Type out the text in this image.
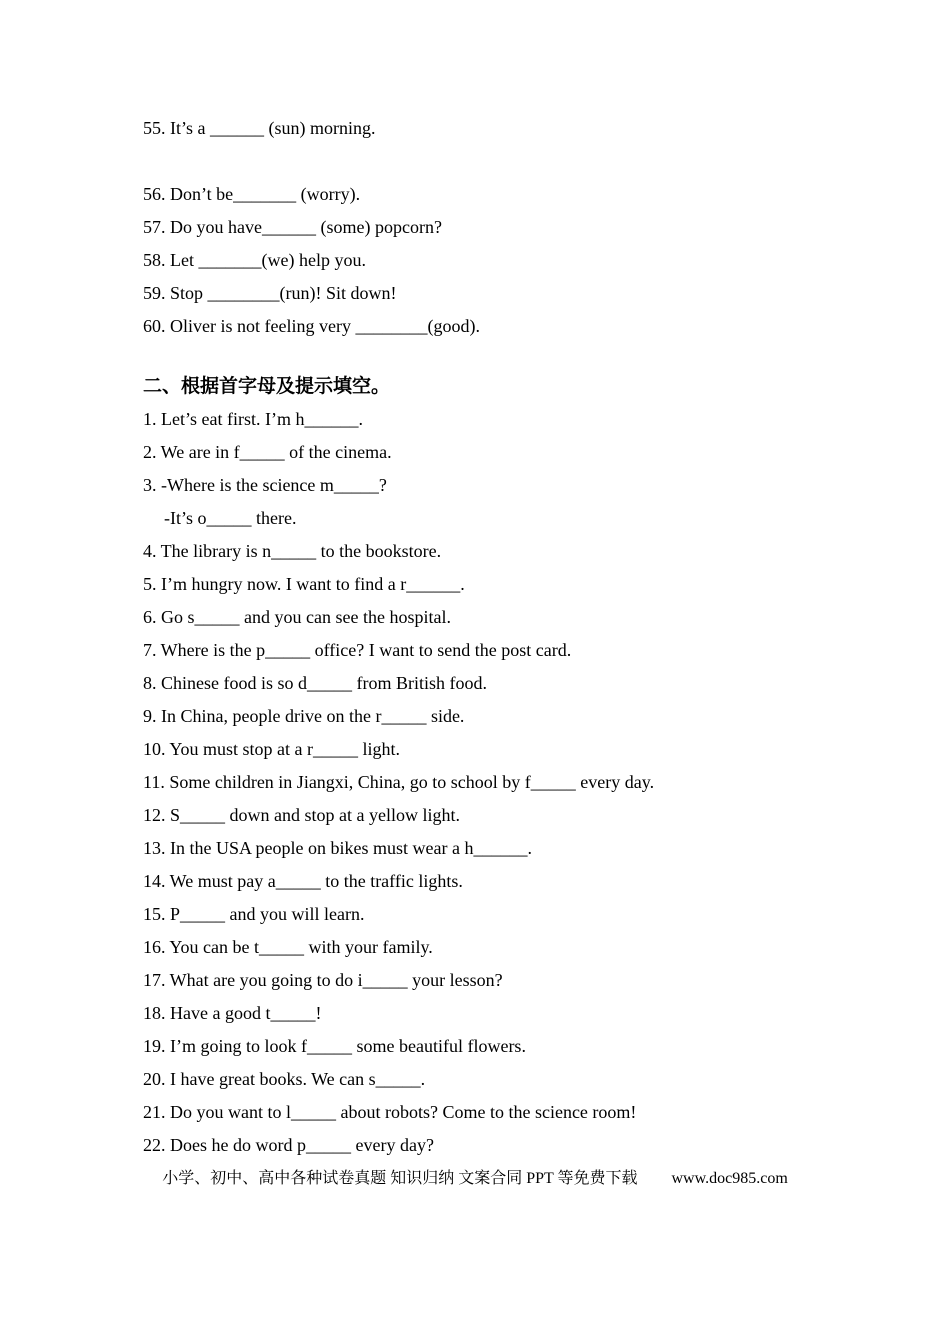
55. It’s a ______ (sun) morning.

56. Don’t be_______ (worry).

57. Do you have______ (some) popcorn?

58. Let _______(we) help you.

59. Stop ________(run)! Sit down!

60. Oliver is not feeling very ________(good).

二、根据首字母及提示填空。

1. Let’s eat first. I’m h______.

2. We are in f_____ of the cinema.

3. -Where is the science m_____?

-It’s o_____ there.

4. The library is n_____ to the bookstore.

5. I’m hungry now. I want to find a r______.

6. Go s_____ and you can see the hospital.

7. Where is the p_____ office? I want to send the post card.

8. Chinese food is so d_____ from British food.

9. In China, people drive on the r_____ side.

10. You must stop at a r_____ light.

11. Some children in Jiangxi, China, go to school by f_____ every day.

12. S_____ down and stop at a yellow light.

13. In the USA people on bikes must wear a h______.

14. We must pay a_____ to the traffic lights.

15. P_____ and you will learn.

16. You can be t_____ with your family.

17. What are you going to do i_____ your lesson?

18. Have a good t_____!

19. I’m going to look f_____ some beautiful flowers.

20. I have great books. We can s_____.

21. Do you want to l_____ about robots? Come to the science room!

22. Does he do word p_____ every day?

小学、初中、高中各种试卷真题 知识归纳 文案合同 PPT 等免费下载 www.doc985.com
